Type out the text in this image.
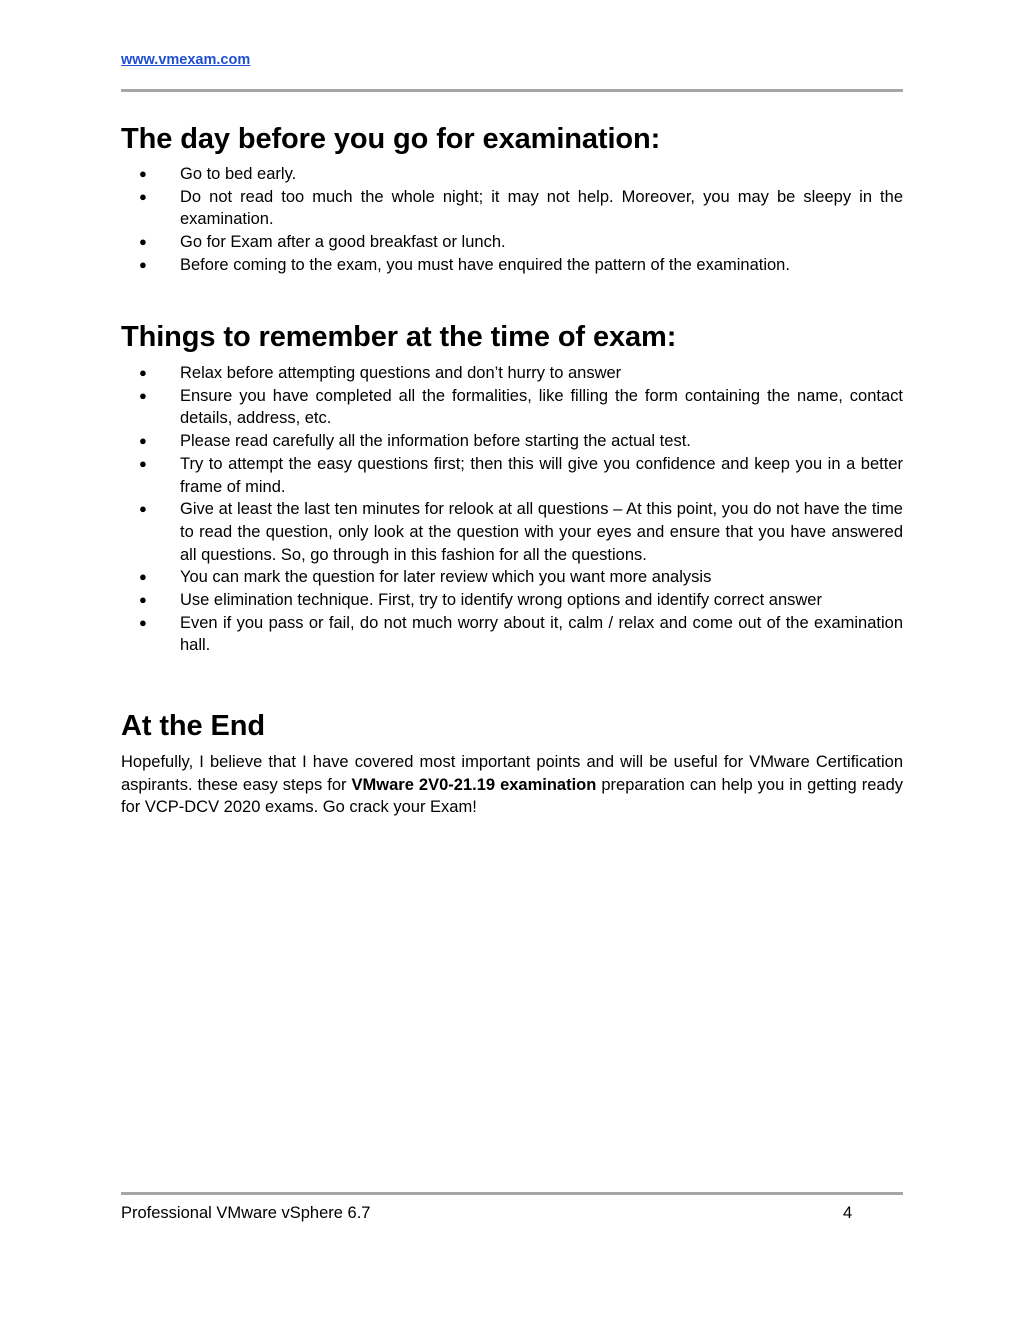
www.vmexam.com
The day before you go for examination:
● Go to bed early.
● Do not read too much the whole night; it may not help. Moreover, you may be sleepy in the examination.
● Go for Exam after a good breakfast or lunch.
● Before coming to the exam, you must have enquired the pattern of the examination.
Things to remember at the time of exam:
● Relax before attempting questions and don’t hurry to answer
● Ensure you have completed all the formalities, like filling the form containing the name, contact details, address, etc.
● Please read carefully all the information before starting the actual test.
● Try to attempt the easy questions first; then this will give you confidence and keep you in a better frame of mind.
● Give at least the last ten minutes for relook at all questions – At this point, you do not have the time to read the question, only look at the question with your eyes and ensure that you have answered all questions. So, go through in this fashion for all the questions.
● You can mark the question for later review which you want more analysis
● Use elimination technique. First, try to identify wrong options and identify correct answer
● Even if you pass or fail, do not much worry about it, calm / relax and come out of the examination hall.
At the End

Hopefully, I believe that I have covered most important points and will be useful for VMware Certification aspirants. these easy steps for VMware 2V0-21.19 examination preparation can help you in getting ready for VCP-DCV 2020 exams. Go crack your Exam!

Professional VMware vSphere 6.7	4
